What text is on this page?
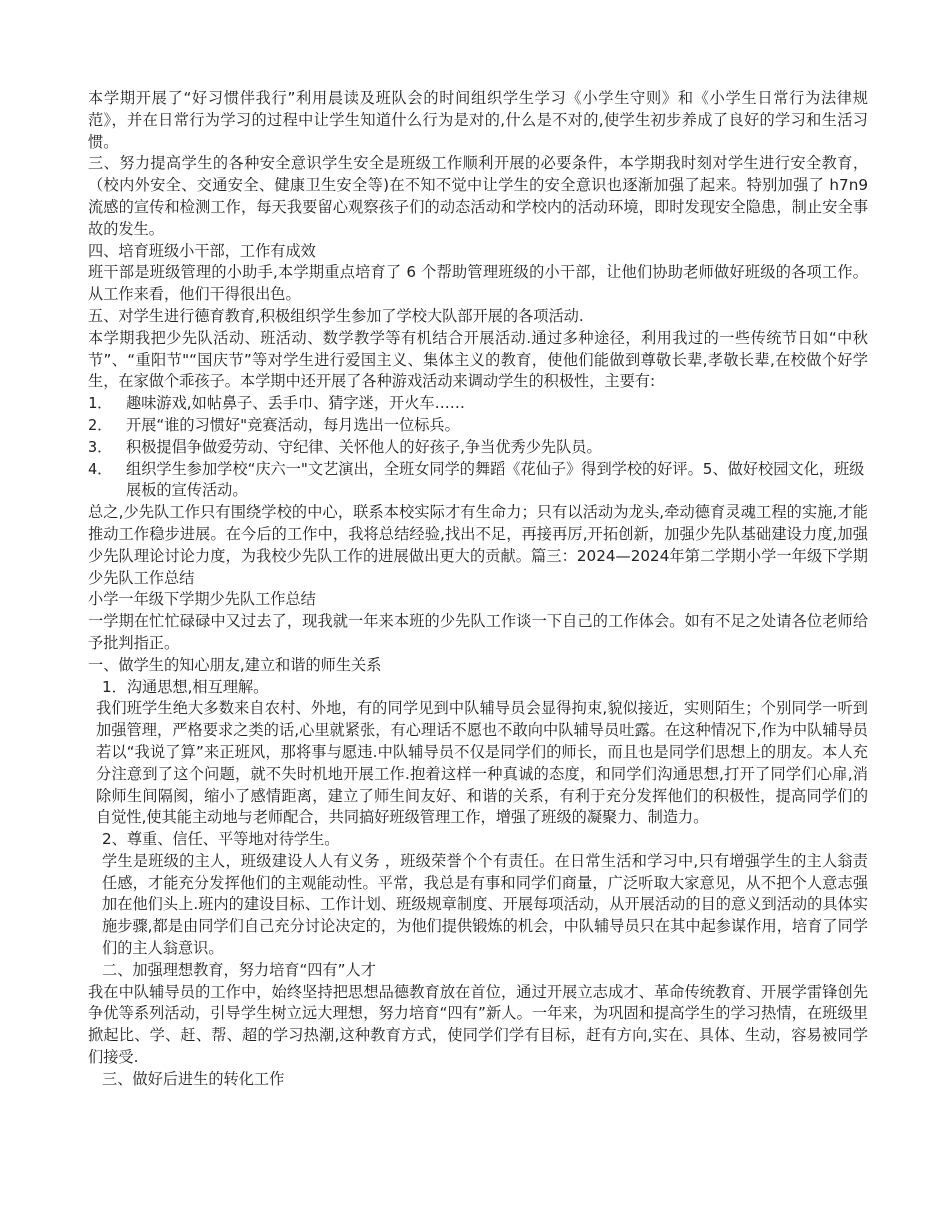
本学期开展了“好习惯伴我行”利用晨读及班队会的时间组织学生学习《小学生守则》和《小学生日常行为法律规范》，并在日常行为学习的过程中让学生知道什么行为是对的,什么是不对的,使学生初步养成了良好的学习和生活习惯。

三、努力提高学生的各种安全意识学生安全是班级工作顺利开展的必要条件，本学期我时刻对学生进行安全教育，（校内外安全、交通安全、健康卫生安全等)在不知不觉中让学生的安全意识也逐渐加强了起来。特别加强了 h7n9 流感的宣传和检测工作，每天我要留心观察孩子们的动态活动和学校内的活动环境，即时发现安全隐患，制止安全事故的发生。

四、培育班级小干部，工作有成效

班干部是班级管理的小助手,本学期重点培育了 6 个帮助管理班级的小干部，让他们协助老师做好班级的各项工作。从工作来看，他们干得很出色。

五、对学生进行德育教育,积极组织学生参加了学校大队部开展的各项活动.

本学期我把少先队活动、班活动、数学教学等有机结合开展活动.通过多种途径，利用我过的一些传统节日如“中秋节”、“重阳节"“国庆节”等对学生进行爱国主义、集体主义的教育，使他们能做到尊敬长辈,孝敬长辈,在校做个好学生，在家做个乖孩子。本学期中还开展了各种游戏活动来调动学生的积极性，主要有:

1． 趣味游戏,如帖鼻子、丢手巾、猜字迷，开火车……
2． 开展“谁的习惯好"竞赛活动，每月选出一位标兵。
3． 积极提倡争做爱劳动、守纪律、关怀他人的好孩子,争当优秀少先队员。
4． 组织学生参加学校“庆六一"文艺演出，全班女同学的舞蹈《花仙子》得到学校的好评。5、做好校园文化，班级展板的宣传活动。

总之,少先队工作只有围绕学校的中心，联系本校实际才有生命力；只有以活动为龙头,牵动德育灵魂工程的实施,才能推动工作稳步进展。在今后的工作中，我将总结经验,找出不足，再接再厉,开拓创新，加强少先队基础建设力度,加强少先队理论讨论力度，为我校少先队工作的进展做出更大的贡献。篇三：2024—2024年第二学期小学一年级下学期少先队工作总结

小学一年级下学期少先队工作总结

一学期在忙忙碌碌中又过去了，现我就一年来本班的少先队工作谈一下自己的工作体会。如有不足之处请各位老师给予批判指正。

一、做学生的知心朋友,建立和谐的师生关系

1．沟通思想,相互理解。

我们班学生绝大多数来自农村、外地，有的同学见到中队辅导员会显得拘束,貌似接近，实则陌生；个别同学一听到加强管理，严格要求之类的话,心里就紧张，有心理话不愿也不敢向中队辅导员吐露。在这种情况下,作为中队辅导员若以“我说了算”来正班风，那将事与愿违.中队辅导员不仅是同学们的师长，而且也是同学们思想上的朋友。本人充分注意到了这个问题，就不失时机地开展工作.抱着这样一种真诚的态度，和同学们沟通思想,打开了同学们心扉,消除师生间隔阂，缩小了感情距离，建立了师生间友好、和谐的关系，有利于充分发挥他们的积极性，提高同学们的自觉性,使其能主动地与老师配合，共同搞好班级管理工作，增强了班级的凝聚力、制造力。

2、尊重、信任、平等地对待学生。

学生是班级的主人，班级建设人人有义务 ，班级荣誉个个有责任。在日常生活和学习中,只有增强学生的主人翁责任感，才能充分发挥他们的主观能动性。平常，我总是有事和同学们商量，广泛听取大家意见，从不把个人意志强加在他们头上.班内的建设目标、工作计划、班级规章制度、开展每项活动，从开展活动的目的意义到活动的具体实施步骤,都是由同学们自己充分讨论决定的，为他们提供锻炼的机会，中队辅导员只在其中起参谋作用，培育了同学们的主人翁意识。

二、加强理想教育，努力培育“四有”人才

我在中队辅导员的工作中，始终坚持把思想品德教育放在首位，通过开展立志成才、革命传统教育、开展学雷锋创先争优等系列活动，引导学生树立远大理想，努力培育“四有”新人。一年来，为巩固和提高学生的学习热情，在班级里掀起比、学、赶、帮、超的学习热潮,这种教育方式，使同学们学有目标，赶有方向,实在、具体、生动，容易被同学们接受.

三、做好后进生的转化工作
